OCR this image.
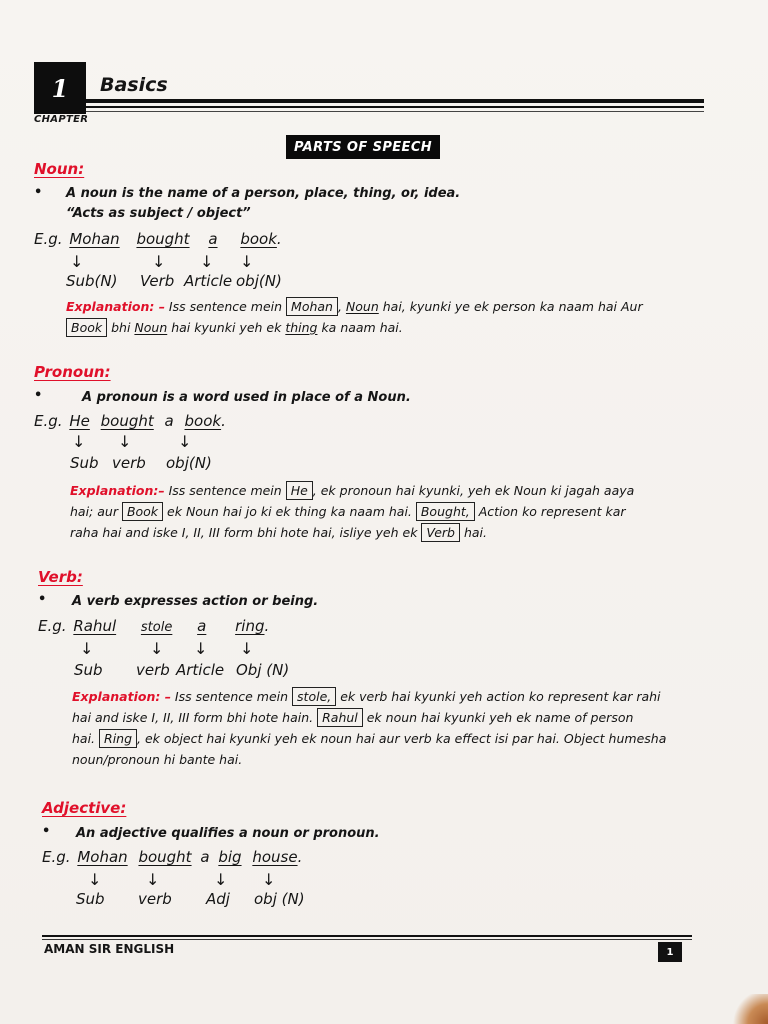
1
CHAPTER
Basics
PARTS OF SPEECH
Noun:
• A noun is the name of a person, place, thing, or, idea.
“Acts as subject / object”
E.g. Mohan bought a book.
↓	↓ ↓ ↓
Sub(N) Verb Article obj(N)
Explanation: – Iss sentence mein Mohan , Noun hai, kyunki ye ek person ka naam hai Aur
Book bhi Noun hai kyunki yeh ek thing ka naam hai.
Pronoun:
•	A pronoun is a word used in place of a Noun.
E.g. He bought a book.
↓ ↓	↓
Sub verb obj(N)
Explanation:– Iss sentence mein He , ek pronoun hai kyunki, yeh ek Noun ki jagah aaya
hai; aur Book ek Noun hai jo ki ek thing ka naam hai. Bought, Action ko represent kar
raha hai and iske I, II, III form bhi hote hai, isliye yeh ek Verb hai.
Verb:
• A verb expresses action or being.
E.g. Rahul stole a ring.
↓	↓ ↓ ↓
Sub verb Article Obj (N)
Explanation: – Iss sentence mein stole, ek verb hai kyunki yeh action ko represent kar rahi
hai and iske I, II, III form bhi hote hain. Rahul ek noun hai kyunki yeh ek name of person
hai. Ring , ek object hai kyunki yeh ek noun hai aur verb ka effect isi par hai. Object humesha
noun/pronoun hi bante hai.
Adjective:
• An adjective qualifies a noun or pronoun.
E.g. Mohan bought a big house.
↓	↓	↓ ↓
Sub verb Adj obj (N)
AMAN SIR ENGLISH	1
